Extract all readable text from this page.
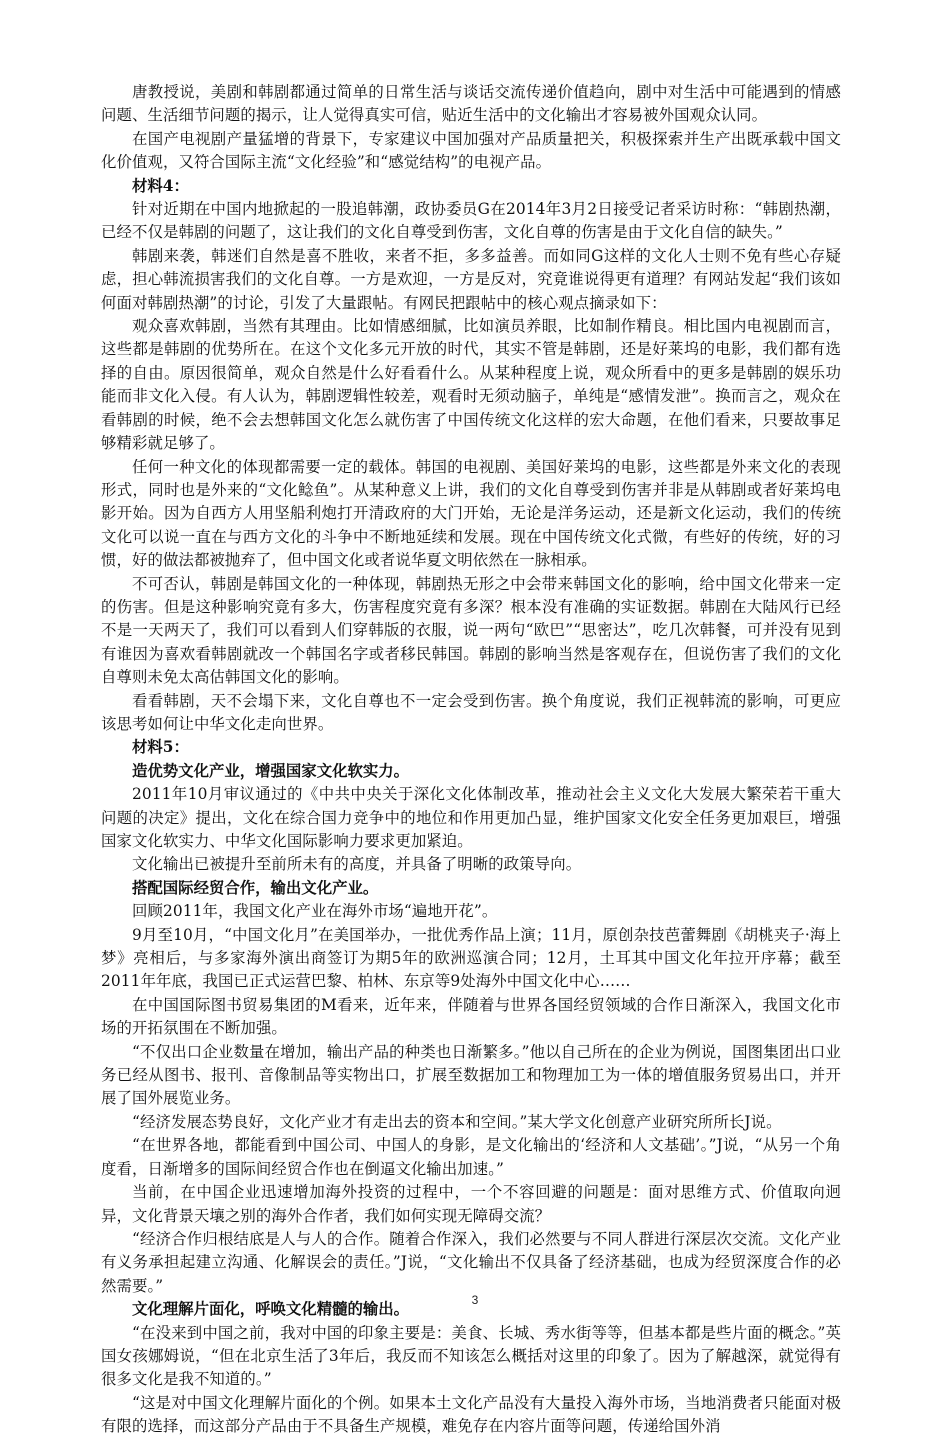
唐教授说，美剧和韩剧都通过简单的日常生活与谈话交流传递价值趋向，剧中对生活中可能遇到的情感问题、生活细节问题的揭示，让人觉得真实可信，贴近生活中的文化输出才容易被外国观众认同。

在国产电视剧产量猛增的背景下，专家建议中国加强对产品质量把关，积极探索并生产出既承载中国文化价值观，又符合国际主流“文化经验”和“感觉结构”的电视产品。

材料4：

针对近期在中国内地掀起的一股追韩潮，政协委员G在2014年3月2日接受记者采访时称：“韩剧热潮，已经不仅是韩剧的问题了，这让我们的文化自尊受到伤害，文化自尊的伤害是由于文化自信的缺失。”

韩剧来袭，韩迷们自然是喜不胜收，来者不拒，多多益善。而如同G这样的文化人士则不免有些心存疑虑，担心韩流损害我们的文化自尊。一方是欢迎，一方是反对，究竟谁说得更有道理？有网站发起“我们该如何面对韩剧热潮”的讨论，引发了大量跟帖。有网民把跟帖中的核心观点摘录如下：

观众喜欢韩剧，当然有其理由。比如情感细腻，比如演员养眼，比如制作精良。相比国内电视剧而言，这些都是韩剧的优势所在。在这个文化多元开放的时代，其实不管是韩剧，还是好莱坞的电影，我们都有选择的自由。原因很简单，观众自然是什么好看看什么。从某种程度上说，观众所看中的更多是韩剧的娱乐功能而非文化入侵。有人认为，韩剧逻辑性较差，观看时无须动脑子，单纯是“感情发泄”。换而言之，观众在看韩剧的时候，绝不会去想韩国文化怎么就伤害了中国传统文化这样的宏大命题，在他们看来，只要故事足够精彩就足够了。

任何一种文化的体现都需要一定的载体。韩国的电视剧、美国好莱坞的电影，这些都是外来文化的表现形式，同时也是外来的“文化鲶鱼”。从某种意义上讲，我们的文化自尊受到伤害并非是从韩剧或者好莱坞电影开始。因为自西方人用坚船利炮打开清政府的大门开始，无论是洋务运动，还是新文化运动，我们的传统文化可以说一直在与西方文化的斗争中不断地延续和发展。现在中国传统文化式微，有些好的传统，好的习惯，好的做法都被抛弃了，但中国文化或者说华夏文明依然在一脉相承。

不可否认，韩剧是韩国文化的一种体现，韩剧热无形之中会带来韩国文化的影响，给中国文化带来一定的伤害。但是这种影响究竟有多大，伤害程度究竟有多深？根本没有准确的实证数据。韩剧在大陆风行已经不是一天两天了，我们可以看到人们穿韩版的衣服，说一两句“欧巴”“思密达”，吃几次韩餐，可并没有见到有谁因为喜欢看韩剧就改一个韩国名字或者移民韩国。韩剧的影响当然是客观存在，但说伤害了我们的文化自尊则未免太高估韩国文化的影响。

看看韩剧，天不会塌下来，文化自尊也不一定会受到伤害。换个角度说，我们正视韩流的影响，可更应该思考如何让中华文化走向世界。

材料5：

造优势文化产业，增强国家文化软实力。

2011年10月审议通过的《中共中央关于深化文化体制改革，推动社会主义文化大发展大繁荣若干重大问题的决定》提出，文化在综合国力竞争中的地位和作用更加凸显，维护国家文化安全任务更加艰巨，增强国家文化软实力、中华文化国际影响力要求更加紧迫。

文化输出已被提升至前所未有的高度，并具备了明晰的政策导向。

搭配国际经贸合作，输出文化产业。

回顾2011年，我国文化产业在海外市场“遍地开花”。

9月至10月，“中国文化月”在美国举办，一批优秀作品上演；11月，原创杂技芭蕾舞剧《胡桃夹子·海上梦》亮相后，与多家海外演出商签订为期5年的欧洲巡演合同；12月，土耳其中国文化年拉开序幕；截至2011年年底，我国已正式运营巴黎、柏林、东京等9处海外中国文化中心……

在中国国际图书贸易集团的M看来，近年来，伴随着与世界各国经贸领域的合作日渐深入，我国文化市场的开拓氛围在不断加强。

“不仅出口企业数量在增加，输出产品的种类也日渐繁多。”他以自己所在的企业为例说，国图集团出口业务已经从图书、报刊、音像制品等实物出口，扩展至数据加工和物理加工为一体的增值服务贸易出口，并开展了国外展览业务。

“经济发展态势良好，文化产业才有走出去的资本和空间。”某大学文化创意产业研究所所长J说。

“在世界各地，都能看到中国公司、中国人的身影，是文化输出的‘经济和人文基础’。”J说，“从另一个角度看，日渐增多的国际间经贸合作也在倒逼文化输出加速。”

当前，在中国企业迅速增加海外投资的过程中，一个不容回避的问题是：面对思维方式、价值取向迥异，文化背景天壤之别的海外合作者，我们如何实现无障碍交流？

“经济合作归根结底是人与人的合作。随着合作深入，我们必然要与不同人群进行深层次交流。文化产业有义务承担起建立沟通、化解误会的责任。”J说，“文化输出不仅具备了经济基础，也成为经贸深度合作的必然需要。”

文化理解片面化，呼唤文化精髓的输出。

“在没来到中国之前，我对中国的印象主要是：美食、长城、秀水街等等，但基本都是些片面的概念。”英国女孩娜姆说，“但在北京生活了3年后，我反而不知该怎么概括对这里的印象了。因为了解越深，就觉得有很多文化是我不知道的。”

“这是对中国文化理解片面化的个例。如果本土文化产品没有大量投入海外市场，当地消费者只能面对极有限的选择，而这部分产品由于不具备生产规模，难免存在内容片面等问题，传递给国外消

3
